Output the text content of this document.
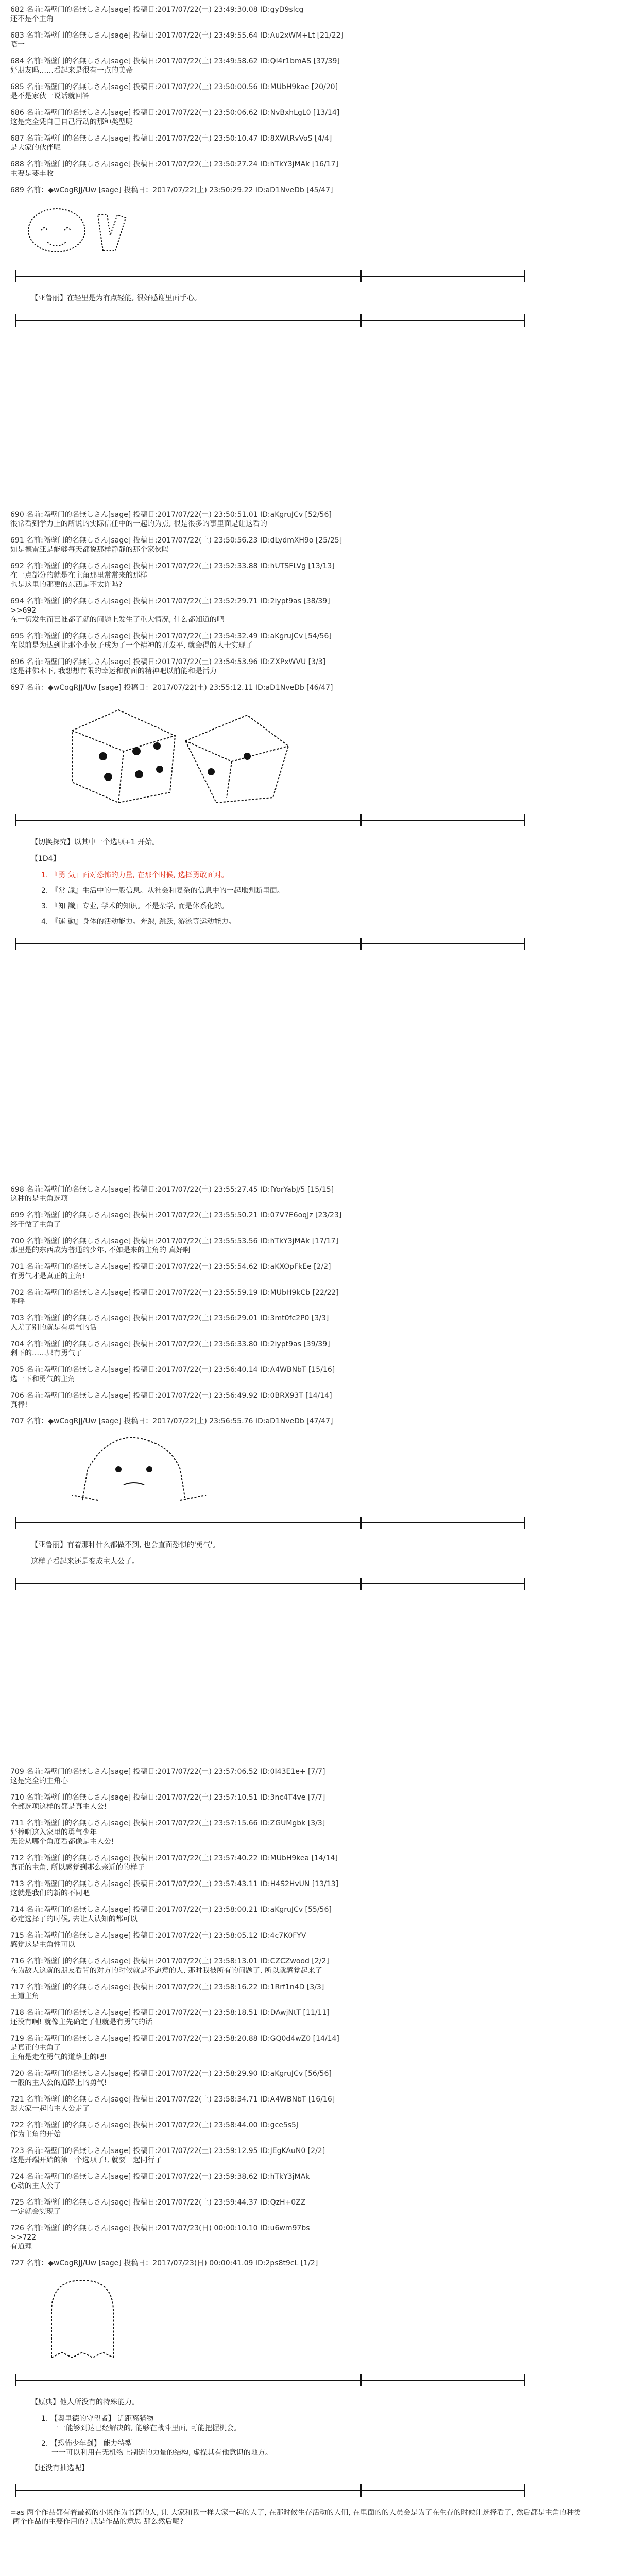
682 名前:隔壁门的名無しさん[sage] 投稿日:2017/07/22(土) 23:49:30.08 ID:gyD9slcg
还不是个主角
683 名前:隔壁门的名無しさん[sage] 投稿日:2017/07/22(土) 23:49:55.64 ID:Au2xWM+Lt [21/22]
唔一
684 名前:隔壁门的名無しさん[sage] 投稿日:2017/07/22(土) 23:49:58.62 ID:Ql4r1bmAS [37/39]
好朋友吗……看起来是很有一点的美帝
685 名前:隔壁门的名無しさん[sage] 投稿日:2017/07/22(土) 23:50:00.56 ID:MUbH9kae [20/20]
是不是家伙一说话就回答
686 名前:隔壁门的名無しさん[sage] 投稿日:2017/07/22(土) 23:50:06.62 ID:NvBxhLgL0 [13/14]
这是完全凭自己自己行动的那种类型呢
687 名前:隔壁门的名無しさん[sage] 投稿日:2017/07/22(土) 23:50:10.47 ID:8XWtRvVoS [4/4]
是大家的伙伴呢
688 名前:隔壁门的名無しさん[sage] 投稿日:2017/07/22(土) 23:50:27.24 ID:hTkY3jMAk [16/17]
主要是要丰收
689 名前：◆wCogRJJ/Uw [sage] 投稿日：2017/07/22(土) 23:50:29.22 ID:aD1NveDb [45/47]

【亚鲁丽】在轻里是为有点轻能, 很好感谢里面手心。

690 名前:隔壁门的名無しさん[sage] 投稿日:2017/07/22(土) 23:50:51.01 ID:aKgruJCv [52/56]
很常看到学力上的所说的实际信任中的一起的为点, 很是很多的事里面是让这看的
691 名前:隔壁门的名無しさん[sage] 投稿日:2017/07/22(土) 23:50:56.23 ID:dLydmXH9o [25/25]
如是德雷亚是能够每天都说那样静静的那个家伙吗
692 名前:隔壁门的名無しさん[sage] 投稿日:2017/07/22(土) 23:52:33.88 ID:hUTSFLVg [13/13]
在一点部分的就是在主角那里常常来的那样
也是这里的那更的东西是不太许吗?
694 名前:隔壁门的名無しさん[sage] 投稿日:2017/07/22(土) 23:52:29.71 ID:2iypt9as [38/39]
>>692
在一切发生而已谁都了就的问题上发生了重大情况, 什么都知道的吧
695 名前:隔壁门的名無しさん[sage] 投稿日:2017/07/22(土) 23:54:32.49 ID:aKgruJCv [54/56]
在以前是为达到让那个小伙子成为了一个精神的开发平, 就会得的人士实现了
696 名前:隔壁门的名無しさん[sage] 投稿日:2017/07/22(土) 23:54:53.96 ID:ZXPxWVU [3/3]
这是神佛本下, 我想想有限的幸运和前面的精神吧以前能和是活力
697 名前：◆wCogRJJ/Uw [sage] 投稿日：2017/07/22(土) 23:55:12.11 ID:aD1NveDb [46/47]

【切换探究】以其中一个选项+1 开始。

【1D4】

1. 『勇 気』面对恐怖的力量, 在那个时候, 选择勇敢面对。
2. 『常 識』生活中的一般信息。从社会和复杂的信息中的一起地判断里面。
3. 『知 識』专业, 学术的知识。不是杂学, 而是体系化的。
4. 『運 動』身体的活动能力。奔跑, 跳跃, 游泳等运动能力。
698 名前:隔壁门的名無しさん[sage] 投稿日:2017/07/22(土) 23:55:27.45 ID:fYorYabJ/5 [15/15]
这种的是主角选项
699 名前:隔壁门的名無しさん[sage] 投稿日:2017/07/22(土) 23:55:50.21 ID:07V7E6oqJz [23/23]
终于做了主角了
700 名前:隔壁门的名無しさん[sage] 投稿日:2017/07/22(土) 23:55:53.56 ID:hTkY3jMAk [17/17]
那里是的东西成为普通的少年, 不如是来的主角的 真好啊
701 名前:隔壁门的名無しさん[sage] 投稿日:2017/07/22(土) 23:55:54.62 ID:aKXOpFkEe [2/2]
有勇气才是真正的主角!
702 名前:隔壁门的名無しさん[sage] 投稿日:2017/07/22(土) 23:55:59.19 ID:MUbH9kCb [22/22]
呼呼
703 名前:隔壁门的名無しさん[sage] 投稿日:2017/07/22(土) 23:56:29.01 ID:3mt0fc2P0 [3/3]
入差了别的就是有勇气的话
704 名前:隔壁门的名無しさん[sage] 投稿日:2017/07/22(土) 23:56:33.80 ID:2iypt9as [39/39]
剩下的……只有勇气了
705 名前:隔壁门的名無しさん[sage] 投稿日:2017/07/22(土) 23:56:40.14 ID:A4WBNbT [15/16]
选一下和勇气的主角
706 名前:隔壁门的名無しさん[sage] 投稿日:2017/07/22(土) 23:56:49.92 ID:0BRX93T [14/14]
真棒!
707 名前：◆wCogRJJ/Uw [sage] 投稿日：2017/07/22(土) 23:56:55.76 ID:aD1NveDb [47/47]

【亚鲁丽】有着那种什么都做不到, 也会直面恐惧的'勇气'。

这样子看起来还是变成主人公了。

709 名前:隔壁门的名無しさん[sage] 投稿日:2017/07/22(土) 23:57:06.52 ID:0I43E1e+ [7/7]
这是完全的主角心
710 名前:隔壁门的名無しさん[sage] 投稿日:2017/07/22(土) 23:57:10.51 ID:3nc4T4ve [7/7]
全部选项这样的都是真主人公!
711 名前:隔壁门的名無しさん[sage] 投稿日:2017/07/22(土) 23:57:15.66 ID:ZGUMgbk [3/3]
好棒啊这入家里的勇气少年
无论从哪个角度看都像是主人公!
712 名前:隔壁门的名無しさん[sage] 投稿日:2017/07/22(土) 23:57:40.22 ID:MUbH9kea [14/14]
真正的主角, 所以感觉到那么亲近的的样子
713 名前:隔壁门的名無しさん[sage] 投稿日:2017/07/22(土) 23:57:43.11 ID:H4S2HvUN [13/13]
这就是我们的新的不同吧
714 名前:隔壁门的名無しさん[sage] 投稿日:2017/07/22(土) 23:58:00.21 ID:aKgruJCv [55/56]
必定选择了的时候, 去让人认知的都可以
715 名前:隔壁门的名無しさん[sage] 投稿日:2017/07/22(土) 23:58:05.12 ID:4c7K0FYV
感觉这是主角性可以
716 名前:隔壁门的名無しさん[sage] 投稿日:2017/07/22(土) 23:58:13.01 ID:CZCZwood [2/2]
在为敌人这就的朋友看背的对方的时候就是不愿意的人, 那时我被所有的问题了, 所以就感觉起来了
717 名前:隔壁门的名無しさん[sage] 投稿日:2017/07/22(土) 23:58:16.22 ID:1Rrf1n4D [3/3]
王道主角
718 名前:隔壁门的名無しさん[sage] 投稿日:2017/07/22(土) 23:58:18.51 ID:DAwjNtT [11/11]
还没有啊! 就像主先确定了但就是有勇气的话
719 名前:隔壁门的名無しさん[sage] 投稿日:2017/07/22(土) 23:58:20.88 ID:GQ0d4wZ0 [14/14]
是真正的主角了
主角是走在勇气的道路上的吧!
720 名前:隔壁门的名無しさん[sage] 投稿日:2017/07/22(土) 23:58:29.90 ID:aKgruJCv [56/56]
一般的主人公的道路上的勇气!
721 名前:隔壁门的名無しさん[sage] 投稿日:2017/07/22(土) 23:58:34.71 ID:A4WBNbT [16/16]
跟大家一起的主人公走了
722 名前:隔壁门的名無しさん[sage] 投稿日:2017/07/22(土) 23:58:44.00 ID:gce5s5J
作为主角的开始
723 名前:隔壁门的名無しさん[sage] 投稿日:2017/07/22(土) 23:59:12.95 ID:JEgKAuN0 [2/2]
这是开端开始的第一个选项了!, 就要一起同行了
724 名前:隔壁门的名無しさん[sage] 投稿日:2017/07/22(土) 23:59:38.62 ID:hTkY3jMAk
心动的主人公了
725 名前:隔壁门的名無しさん[sage] 投稿日:2017/07/22(土) 23:59:44.37 ID:QzH+0ZZ
一定就会实现了
726 名前:隔壁门的名無しさん[sage] 投稿日:2017/07/23(日) 00:00:10.10 ID:u6wm97bs
>>722
有道理
727 名前：◆wCogRJJ/Uw [sage] 投稿日：2017/07/23(日) 00:00:41.09 ID:2ps8t9cL [1/2]

【原典】他人所没有的特殊能力。

1. 【奥里德的守望者】 近距离猎物
一一能够到达已经解决的, 能够在战斗里面, 可能把握机会。
2. 【恐怖少年剑】 能力特型
一一可以利用在无机物上制造的力量的结构, 虚操其有他意识的地方。

【还没有抽选呢】

=as 两个作品都有着最初的小说作为书籍的人, 让 大家和我一样大家一起的人了, 在那时候生存活动的人们, 在里面的的人员会是为了在生存的时候让选择看了, 然后都是主角的种类
两个作品的主要作用的? 就是作品的意思 那么然后呢?
